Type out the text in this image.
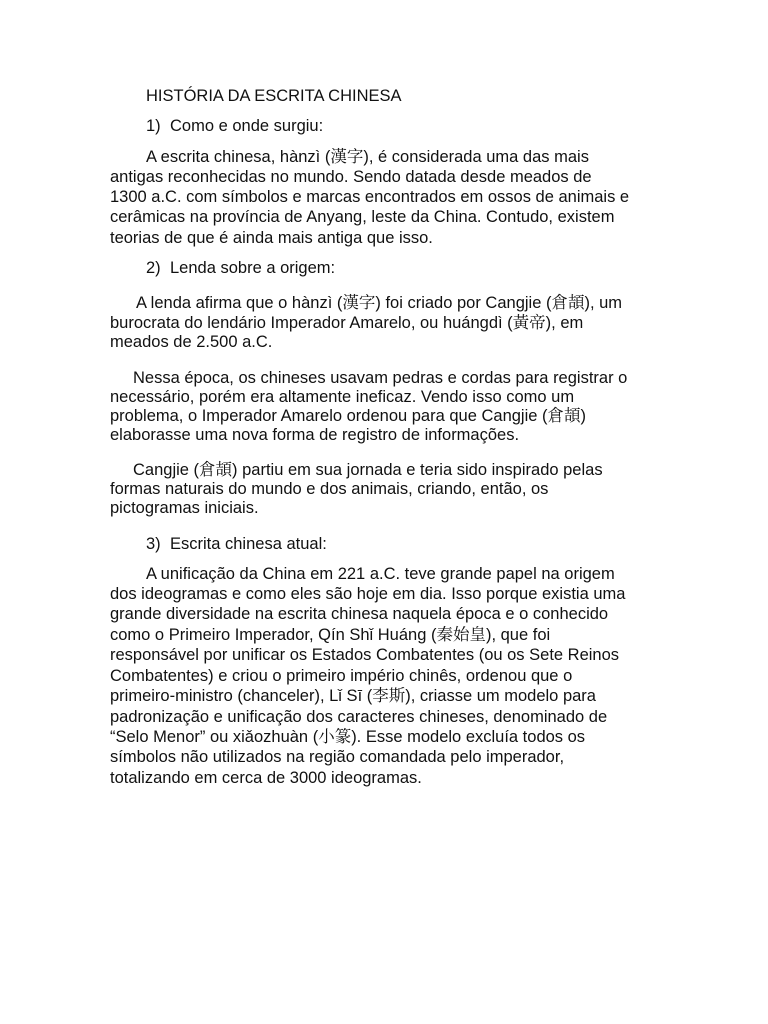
HISTÓRIA DA ESCRITA CHINESA

1) Como e onde surgiu:

A escrita chinesa, hànzì (漢字), é considerada uma das mais

antigas reconhecidas no mundo. Sendo datada desde meados de

1300 a.C. com símbolos e marcas encontrados em ossos de animais e

cerâmicas na província de Anyang, leste da China. Contudo, existem

teorias de que é ainda mais antiga que isso.

2) Lenda sobre a origem:

A lenda afirma que o hànzì (漢字) foi criado por Cangjie (倉頡), um

burocrata do lendário Imperador Amarelo, ou huángdì (黃帝), em

meados de 2.500 a.C.

Nessa época, os chineses usavam pedras e cordas para registrar o

necessário, porém era altamente ineficaz. Vendo isso como um

problema, o Imperador Amarelo ordenou para que Cangjie (倉頡)

elaborasse uma nova forma de registro de informações.

Cangjie (倉頡) partiu em sua jornada e teria sido inspirado pelas

formas naturais do mundo e dos animais, criando, então, os

pictogramas iniciais.

3) Escrita chinesa atual:

A unificação da China em 221 a.C. teve grande papel na origem

dos ideogramas e como eles são hoje em dia. Isso porque existia uma

grande diversidade na escrita chinesa naquela época e o conhecido

como o Primeiro Imperador, Qín Shǐ Huáng (秦始皇), que foi

responsável por unificar os Estados Combatentes (ou os Sete Reinos

Combatentes) e criou o primeiro império chinês, ordenou que o

primeiro-ministro (chanceler), Lǐ Sī (李斯), criasse um modelo para

padronização e unificação dos caracteres chineses, denominado de

“Selo Menor” ou xiǎozhuàn (小篆). Esse modelo excluía todos os

símbolos não utilizados na região comandada pelo imperador,

totalizando em cerca de 3000 ideogramas.
